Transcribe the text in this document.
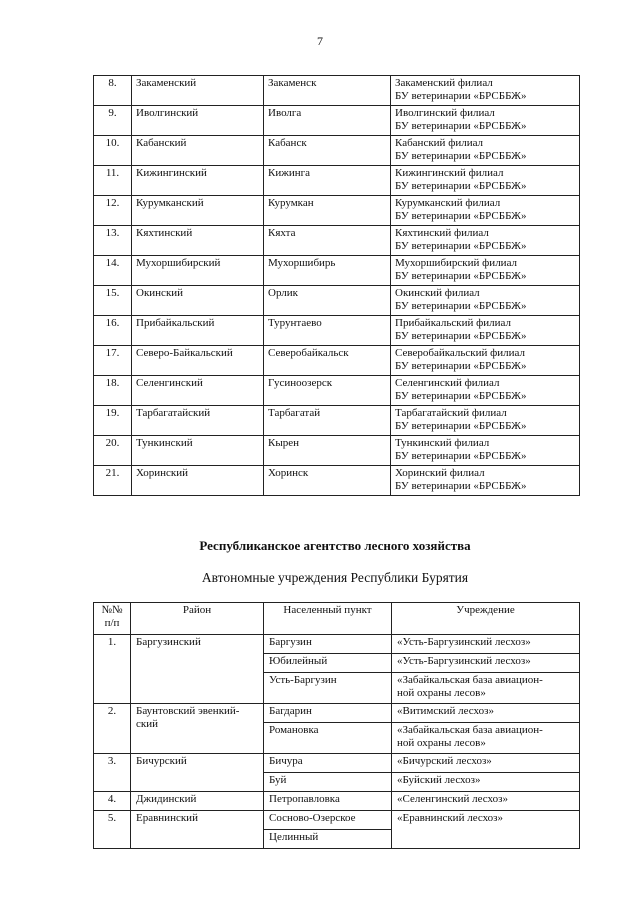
7
8.	Закаменский	Закаменск	Закаменский филиал
БУ ветеринарии «БРСББЖ»
9.	Иволгинский	Иволга	Иволгинский филиал
БУ ветеринарии «БРСББЖ»
10.	Кабанский	Кабанск	Кабанский филиал
БУ ветеринарии «БРСББЖ»
11.	Кижингинский	Кижинга	Кижингинский филиал
БУ ветеринарии «БРСББЖ»
12.	Курумканский	Курумкан	Курумканский филиал
БУ ветеринарии «БРСББЖ»
13.	Кяхтинский	Кяхта	Кяхтинский филиал
БУ ветеринарии «БРСББЖ»
14.	Мухоршибирский	Мухоршибирь	Мухоршибирский филиал
БУ ветеринарии «БРСББЖ»
15.	Окинский	Орлик	Окинский филиал
БУ ветеринарии «БРСББЖ»
16.	Прибайкальский	Турунтаево	Прибайкальский филиал
БУ ветеринарии «БРСББЖ»
17.	Северо-Байкальский	Северобайкальск	Северобайкальский филиал
БУ ветеринарии «БРСББЖ»
18.	Селенгинский	Гусиноозерск	Селенгинский филиал
БУ ветеринарии «БРСББЖ»
19.	Тарбагатайский	Тарбагатай	Тарбагатайский филиал
БУ ветеринарии «БРСББЖ»
20.	Тункинский	Кырен	Тункинский филиал
БУ ветеринарии «БРСББЖ»
21.	Хоринский	Хоринск	Хоринский филиал
БУ ветеринарии «БРСББЖ»
Республиканское агентство лесного хозяйства
Автономные учреждения Республики Бурятия
№№
п/п	Район	Населенный пункт	Учреждение
1.	Баргузинский	Баргузин	«Усть-Баргузинский лесхоз»
		Юбилейный	«Усть-Баргузинский лесхоз»
		Усть-Баргузин	«Забайкальская база авиацион-
ной охраны лесов»
2.	Баунтовский эвенкий-
ский	Багдарин	«Витимский лесхоз»
		Романовка	«Забайкальская база авиацион-
ной охраны лесов»
3.	Бичурский	Бичура	«Бичурский лесхоз»
		Буй	«Буйский лесхоз»
4.	Джидинский	Петропавловка	«Селенгинский лесхоз»
5.	Еравнинский	Сосново-Озерское	«Еравнинский лесхоз»
		Целинный	
